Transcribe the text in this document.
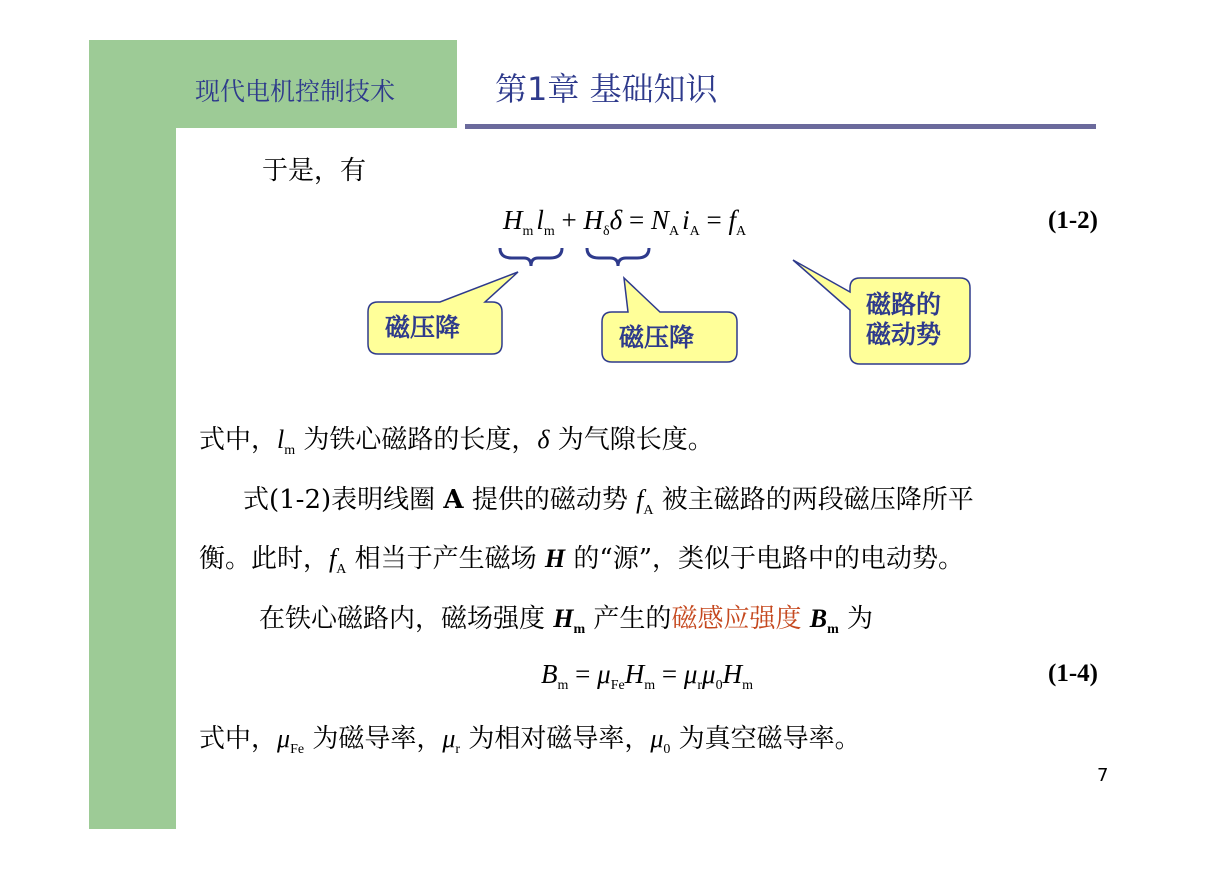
现代电机控制技术	第1章 基础知识
于是，有
$H_m$ $l_m + H_\delta\delta = N_A$ $i_A = f_A$	(1-2)
磁压降	磁压降
磁路的
磁动势
式中，$l_m$ 为铁心磁路的长度，δ 为气隙长度。
式(1-2)表明线圈 A 提供的磁动势 $f_A$ 被主磁路的两段磁压降所平
衡。此时，$f_A$ 相当于产生磁场 H 的“源”，类似于电路中的电动势。
在铁心磁路内，磁场强度 $H_m$ 产生的磁感应强度 $B_m$ 为
$B_m = \mu_{Fe}H_m = \mu_r\mu_0H_m$	(1-4)
式中，$\mu_{Fe}$ 为磁导率，$\mu_r$ 为相对磁导率，$\mu_0$ 为真空磁导率。
7
